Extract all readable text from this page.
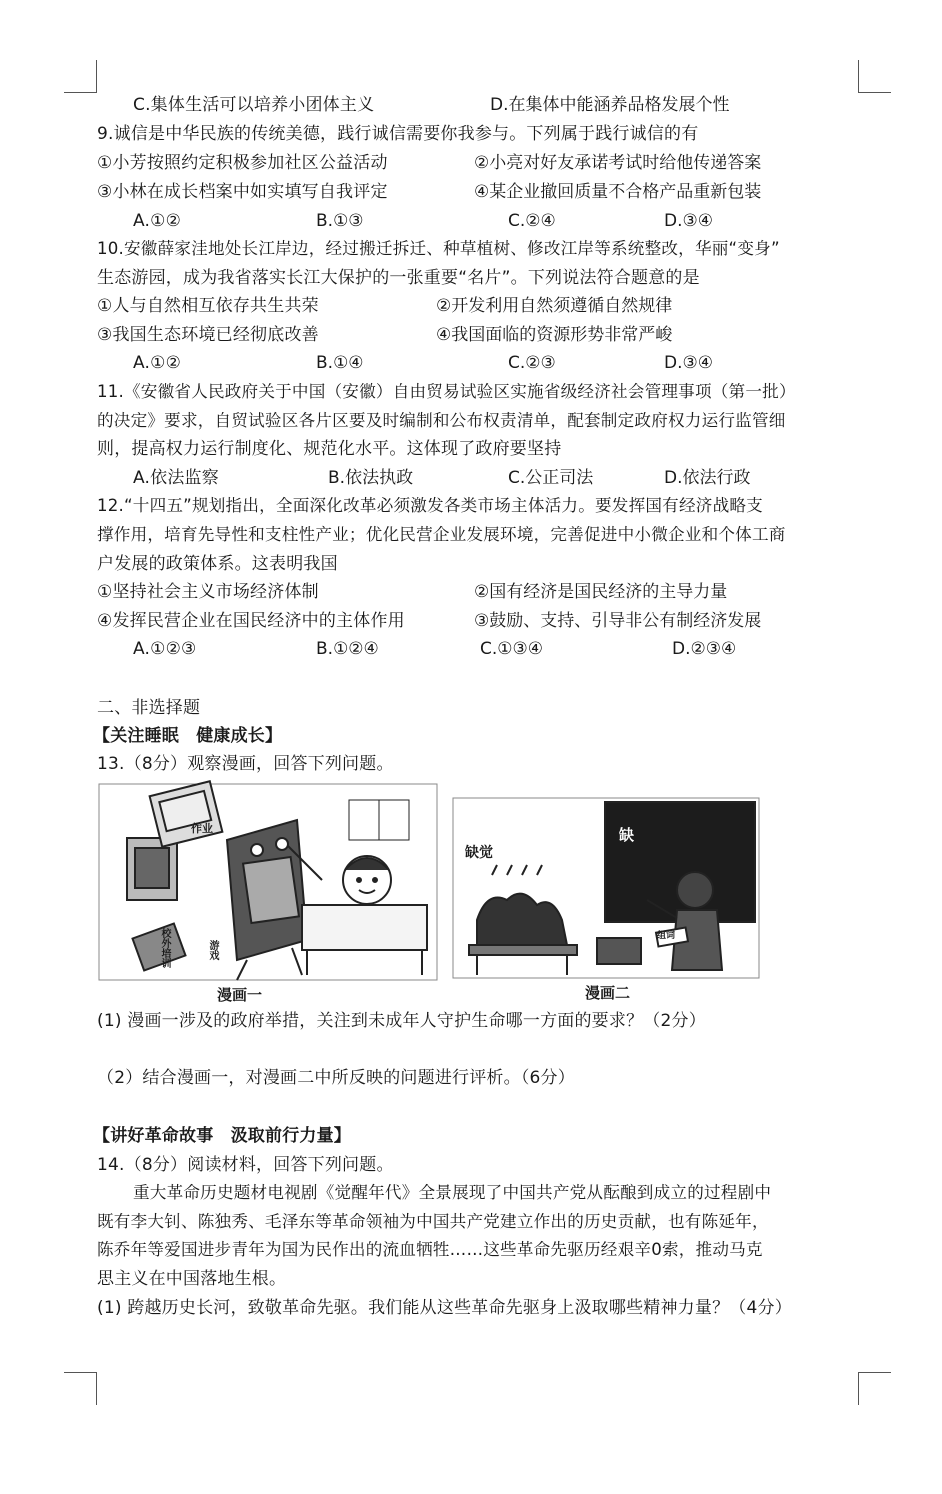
C.集体生活可以培养小团体主义	D.在集体中能涵养品格发展个性
9.诚信是中华民族的传统美德，践行诚信需要你我参与。下列属于践行诚信的有
①小芳按照约定积极参加社区公益活动	②小亮对好友承诺考试时给他传递答案
③小林在成长档案中如实填写自我评定	④某企业撤回质量不合格产品重新包装
A.①②	B.①③	C.②④	D.③④
10.安徽薛家洼地处长江岸边，经过搬迁拆迁、种草植树、修改江岸等系统整改，华丽“变身”
生态游园，成为我省落实长江大保护的一张重要“名片”。下列说法符合题意的是
①人与自然相互依存共生共荣	②开发利用自然须遵循自然规律
③我国生态环境已经彻底改善	④我国面临的资源形势非常严峻
A.①②	B.①④	C.②③	D.③④
11.《安徽省人民政府关于中国（安徽）自由贸易试验区实施省级经济社会管理事项（第一批）
的决定》要求，自贸试验区各片区要及时编制和公布权责清单，配套制定政府权力运行监管细
则，提高权力运行制度化、规范化水平。这体现了政府要坚持
A.依法监察	B.依法执政	C.公正司法	D.依法行政
12.“十四五”规划指出，全面深化改革必须激发各类市场主体活力。要发挥国有经济战略支
撑作用，培育先导性和支柱性产业；优化民营企业发展环境，完善促进中小微企业和个体工商
户发展的政策体系。这表明我国
①坚持社会主义市场经济体制	②国有经济是国民经济的主导力量
④发挥民营企业在国民经济中的主体作用	③鼓励、支持、引导非公有制经济发展
A.①②③	B.①②④	C.①③④	D.②③④
二、非选择题
【关注睡眠　健康成长】
13.（8分）观察漫画，回答下列问题。
漫画一	漫画二
作业
校外培训	游戏
缺觉
缺
组词
(1) 漫画一涉及的政府举措，关注到未成年人守护生命哪一方面的要求？（2分）
（2）结合漫画一，对漫画二中所反映的问题进行评析。（6分）
【讲好革命故事　汲取前行力量】
14.（8分）阅读材料，回答下列问题。
重大革命历史题材电视剧《觉醒年代》全景展现了中国共产党从酝酿到成立的过程剧中
既有李大钊、陈独秀、毛泽东等革命领袖为中国共产党建立作出的历史贡献，也有陈延年，
陈乔年等爱国进步青年为国为民作出的流血牺牲……这些革命先驱历经艰辛0索，推动马克
思主义在中国落地生根。
(1) 跨越历史长河，致敬革命先驱。我们能从这些革命先驱身上汲取哪些精神力量？（4分）
